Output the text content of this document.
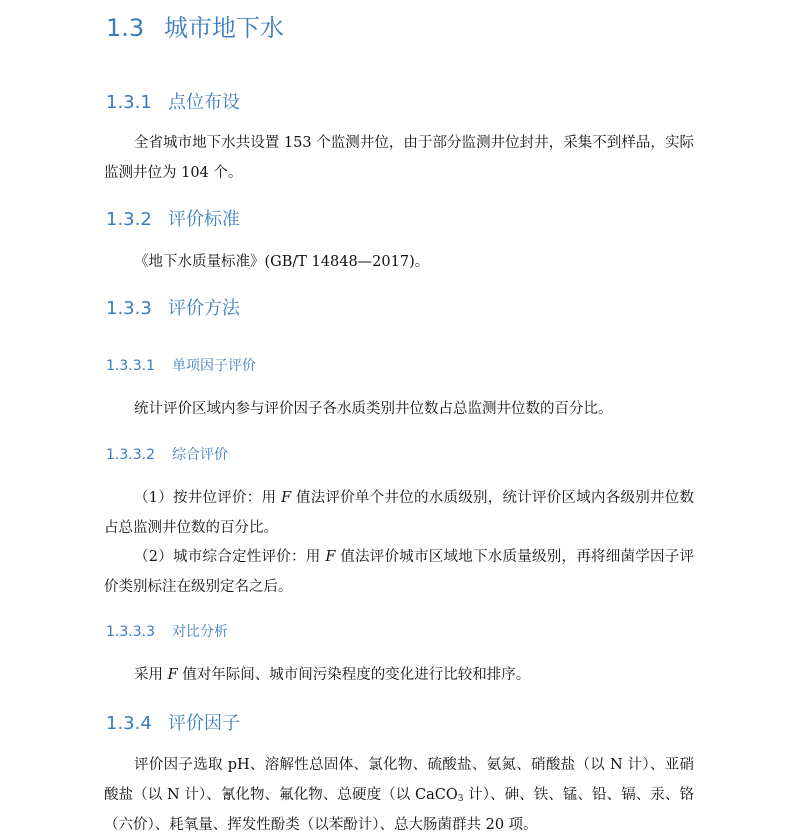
1.3 城市地下水
1.3.1 点位布设

全省城市地下水共设置 153 个监测井位，由于部分监测井位封井，采集不到样品，实际监测井位为 104 个。

1.3.2 评价标准

《地下水质量标准》(GB/T 14848—2017)。

1.3.3 评价方法
1.3.3.1 单项因子评价

统计评价区域内参与评价因子各水质类别井位数占总监测井位数的百分比。

1.3.3.2 综合评价

（1）按井位评价：用 F 值法评价单个井位的水质级别，统计评价区域内各级别井位数占总监测井位数的百分比。

（2）城市综合定性评价：用 F 值法评价城市区域地下水质量级别，再将细菌学因子评价类别标注在级别定名之后。

1.3.3.3 对比分析

采用 F 值对年际间、城市间污染程度的变化进行比较和排序。

1.3.4 评价因子

评价因子选取 pH、溶解性总固体、氯化物、硫酸盐、氨氮、硝酸盐（以 N 计）、亚硝酸盐（以 N 计）、氰化物、氟化物、总硬度（以 CaCO$_3$ 计）、砷、铁、锰、铅、镉、汞、铬（六价）、耗氧量、挥发性酚类（以苯酚计）、总大肠菌群共 20 项。
